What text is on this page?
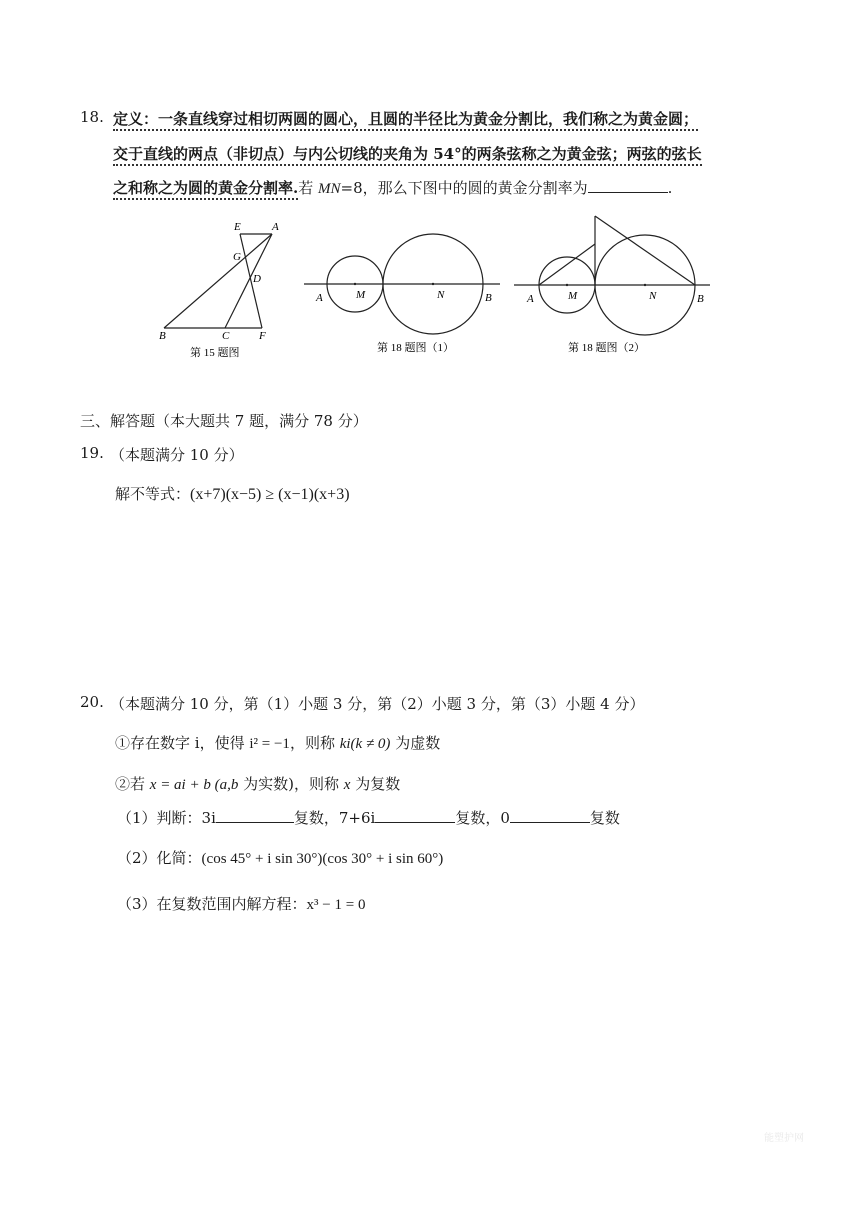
18. 定义：一条直线穿过相切两圆的圆心，且圆的半径比为黄金分割比，我们称之为黄金圆；
交于直线的两点（非切点）与内公切线的夹角为 54°的两条弦称之为黄金弦；两弦的弦长
之和称之为圆的黄金分割率.若 MN=8，那么下图中的圆的黄金分割率为	.
E	A
G
D
B	C	F
第 15 题图
A	M	N	B
第 18 题图（1）
A	M	N	B
第 18 题图（2）
三、解答题（本大题共 7 题，满分 78 分）
19. （本题满分 10 分）
解不等式：(x+7)(x−5) ≥ (x−1)(x+3)
20. （本题满分 10 分，第（1）小题 3 分，第（2）小题 3 分，第（3）小题 4 分）
①存在数字 i，使得 i² = −1，则称 ki(k ≠ 0) 为虚数
②若 x = ai + b (a,b 为实数)，则称 x 为复数
（1）判断：3i	复数，7+6i	复数，0	复数
（2）化简：(cos 45° + i sin 30°)(cos 30° + i sin 60°)
（3）在复数范围内解方程：x³ − 1 = 0
能塑护网
